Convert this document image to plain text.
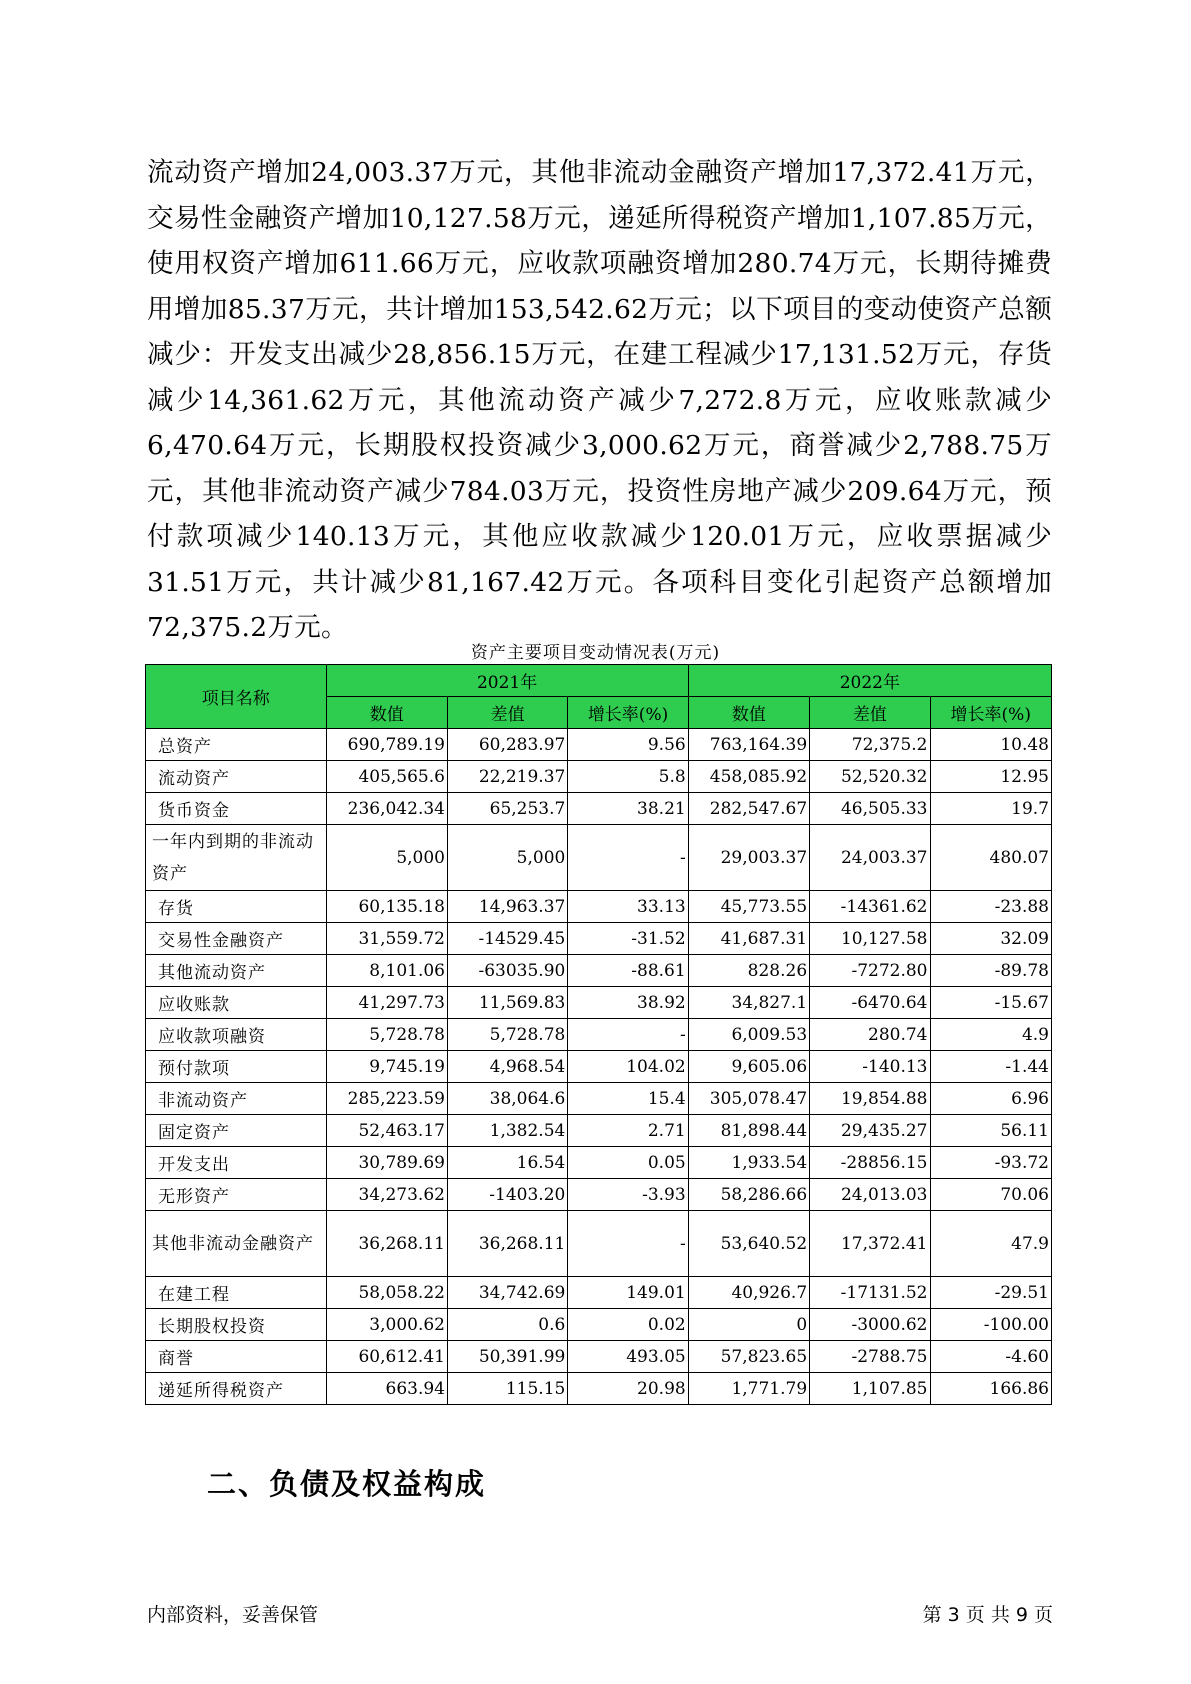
流动资产增加24,003.37万元，其他非流动金融资产增加17,372.41万元，交易性金融资产增加10,127.58万元，递延所得税资产增加1,107.85万元，使用权资产增加611.66万元，应收款项融资增加280.74万元，长期待摊费用增加85.37万元，共计增加153,542.62万元；以下项目的变动使资产总额减少：开发支出减少28,856.15万元，在建工程减少17,131.52万元，存货减少14,361.62万元，其他流动资产减少7,272.8万元，应收账款减少6,470.64万元，长期股权投资减少3,000.62万元，商誉减少2,788.75万元，其他非流动资产减少784.03万元，投资性房地产减少209.64万元，预付款项减少140.13万元，其他应收款减少120.01万元，应收票据减少31.51万元，共计减少81,167.42万元。各项科目变化引起资产总额增加72,375.2万元。

资产主要项目变动情况表(万元)
项目名称	2021年			2022年		
	数值	差值	增长率(%)	数值	差值	增长率(%)
总资产	690,789.19	60,283.97	9.56	763,164.39	72,375.2	10.48
流动资产	405,565.6	22,219.37	5.8	458,085.92	52,520.32	12.95
货币资金	236,042.34	65,253.7	38.21	282,547.67	46,505.33	19.7
一年内到期的非流动资产	5,000	5,000	-	29,003.37	24,003.37	480.07
存货	60,135.18	14,963.37	33.13	45,773.55	-14361.62	-23.88
交易性金融资产	31,559.72	-14529.45	-31.52	41,687.31	10,127.58	32.09
其他流动资产	8,101.06	-63035.90	-88.61	828.26	-7272.80	-89.78
应收账款	41,297.73	11,569.83	38.92	34,827.1	-6470.64	-15.67
应收款项融资	5,728.78	5,728.78	-	6,009.53	280.74	4.9
预付款项	9,745.19	4,968.54	104.02	9,605.06	-140.13	-1.44
非流动资产	285,223.59	38,064.6	15.4	305,078.47	19,854.88	6.96
固定资产	52,463.17	1,382.54	2.71	81,898.44	29,435.27	56.11
开发支出	30,789.69	16.54	0.05	1,933.54	-28856.15	-93.72
无形资产	34,273.62	-1403.20	-3.93	58,286.66	24,013.03	70.06
其他非流动金融资产	36,268.11	36,268.11	-	53,640.52	17,372.41	47.9
在建工程	58,058.22	34,742.69	149.01	40,926.7	-17131.52	-29.51
长期股权投资	3,000.62	0.6	0.02	0	-3000.62	-100.00
商誉	60,612.41	50,391.99	493.05	57,823.65	-2788.75	-4.60
递延所得税资产	663.94	115.15	20.98	1,771.79	1,107.85	166.86
二、负债及权益构成
内部资料，妥善保管	第 3 页 共 9 页
